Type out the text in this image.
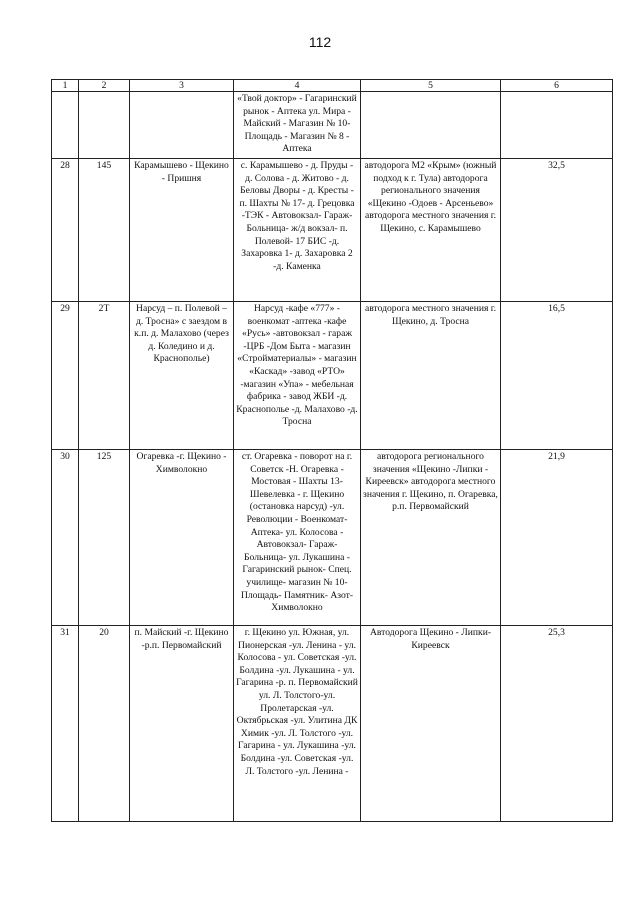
112
1	2	3	4	5	6
			«Твой доктор» - Гагаринский рынок - Аптека ул. Мира - Майский - Магазин № 10- Площадь - Магазин № 8 - Аптека		
28	145	Карамышево - Щекино - Пришня	с. Карамышево - д. Пруды - д. Солова - д. Житово - д. Беловы Дворы - д. Кресты - п. Шахты № 17- д. Грецовка -ТЭК - Автовокзал- Гараж- Больница- ж/д вокзал- п. Полевой- 17 БИС -д. Захаровка 1- д. Захаровка 2 -д. Каменка	автодорога М2 «Крым» (южный подход к г. Тула) автодорога регионального значения «Щекино -Одоев - Арсеньево» автодорога местного значения г. Щекино, с. Карамышево	32,5
29	2Т	Нарсуд – п. Полевой – д. Тросна» с заездом в к.п. д. Малахово (через д. Коледино и д. Краснополье)	Нарсуд -кафе «777» - военкомат -аптека -кафе «Русь» -автовокзал - гараж -ЦРБ -Дом Быта - магазин «Стройматериалы» - магазин «Каскад» -завод «РТО» -магазин «Упа» - мебельная фабрика - завод ЖБИ -д. Краснополье -д. Малахово -д. Тросна	автодорога местного значения г. Щекино, д. Тросна	16,5
30	125	Огаревка -г. Щекино - Химволокно	ст. Огаревка - поворот на г. Советск -Н. Огаревка - Мостовая - Шахты 13- Шевелевка - г. Щекино (остановка нарсуд) -ул. Революции - Военкомат- Аптека- ул. Колосова - Автовокзал- Гараж- Больница- ул. Лукашина - Гагаринский рынок- Спец. училище- магазин № 10- Площадь- Памятник- Азот- Химволокно	автодорога регионального значения «Щекино -Липки - Киреевск» автодорога местного значения г. Щекино, п. Огаревка, р.п. Первомайский	21,9
31	20	п. Майский -г. Щекино -р.п. Первомайский	г. Щекино ул. Южная, ул. Пионерская -ул. Ленина - ул. Колосова - ул. Советская -ул. Болдина -ул. Лукашина - ул. Гагарина -р. п. Первомайский ул. Л. Толстого-ул. Пролетарская -ул. Октябрьская -ул. Улитина ДК Химик -ул. Л. Толстого -ул. Гагарина - ул. Лукашина -ул. Болдина -ул. Советская -ул. Л. Толстого -ул. Ленина -	Автодорога Щекино - Липки- Киреевск	25,3
